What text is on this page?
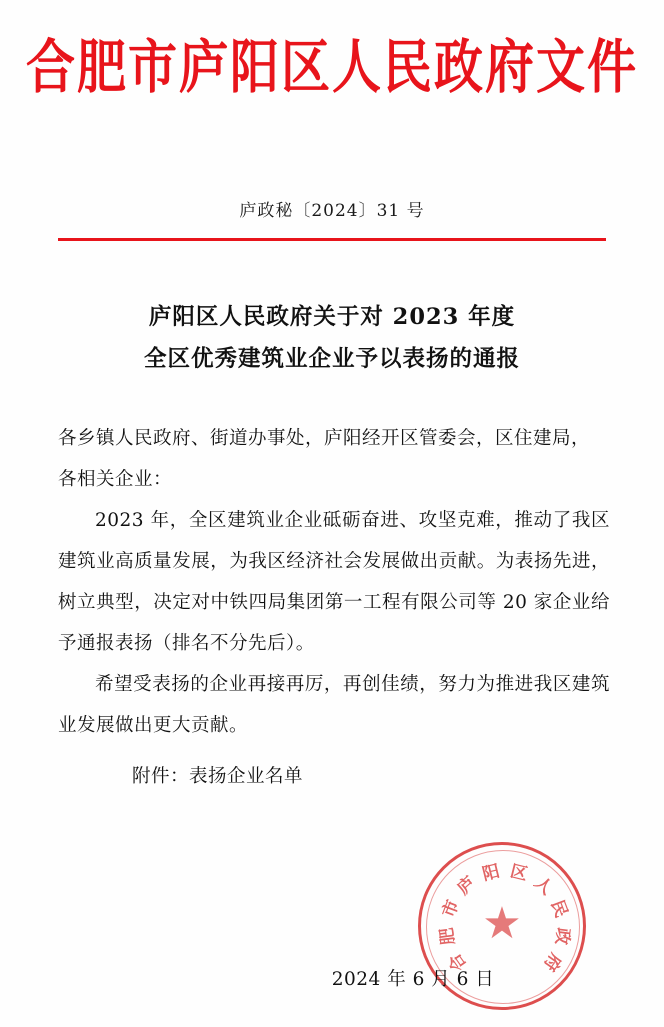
合肥市庐阳区人民政府文件
庐政秘〔2024〕31 号
庐阳区人民政府关于对 2023 年度
全区优秀建筑业企业予以表扬的通报

各乡镇人民政府、街道办事处，庐阳经开区管委会，区住建局，

各相关企业：

2023 年，全区建筑业企业砥砺奋进、攻坚克难，推动了我区建筑业高质量发展，为我区经济社会发展做出贡献。为表扬先进，树立典型，决定对中铁四局集团第一工程有限公司等 20 家企业给予通报表扬（排名不分先后）。

希望受表扬的企业再接再厉，再创佳绩，努力为推进我区建筑业发展做出更大贡献。

附件：表扬企业名单
合
肥
市
庐 阳 区 人
民
政
府
★
2024 年 6 月 6 日
